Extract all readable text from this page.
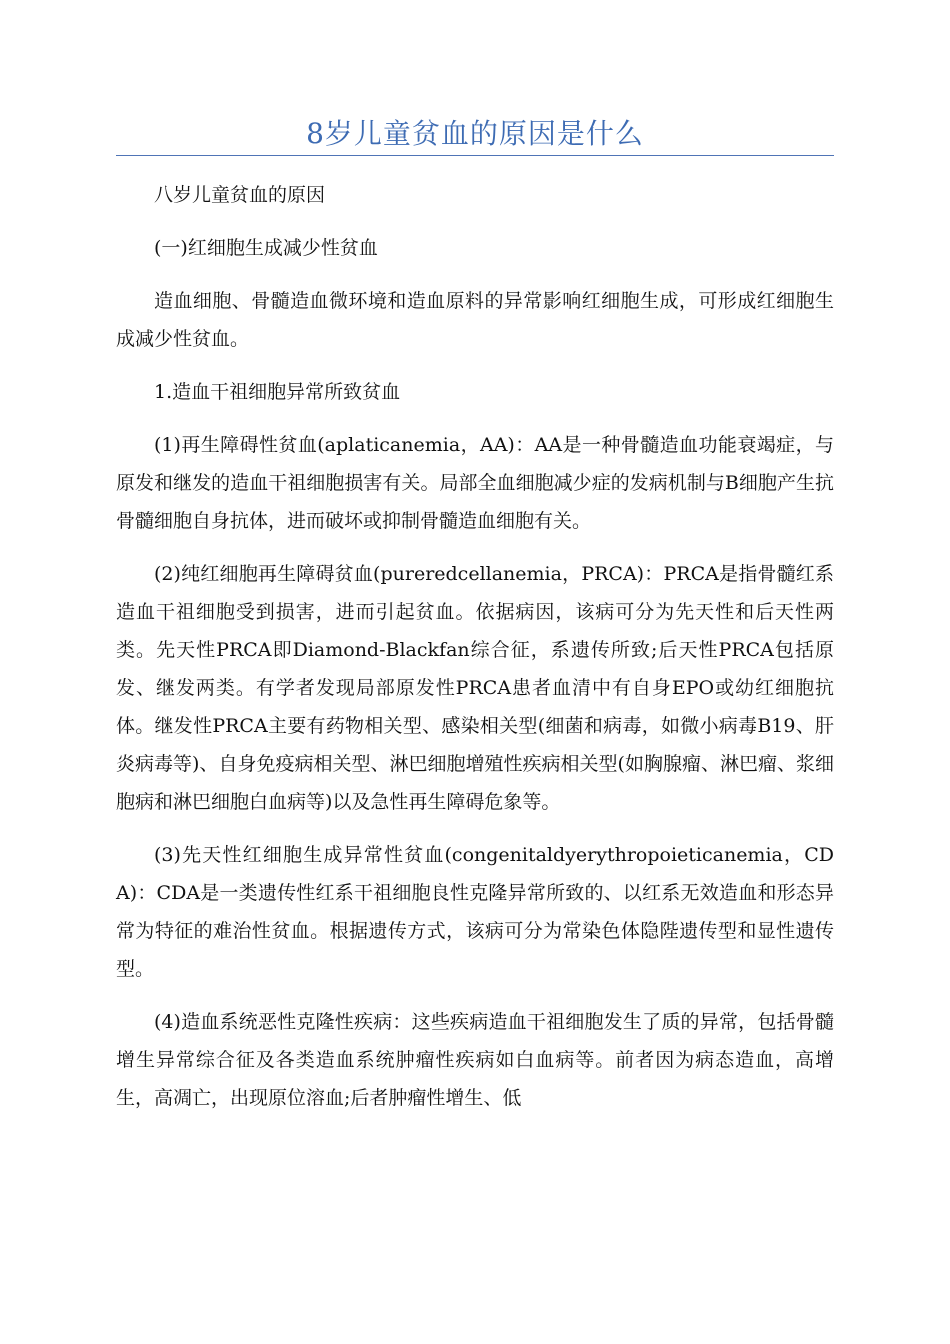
8岁儿童贫血的原因是什么

八岁儿童贫血的原因

(一)红细胞生成减少性贫血

造血细胞、骨髓造血微环境和造血原料的异常影响红细胞生成，可形成红细胞生成减少性贫血。

1.造血干祖细胞异常所致贫血

(1)再生障碍性贫血(aplaticanemia，AA)：AA是一种骨髓造血功能衰竭症，与原发和继发的造血干祖细胞损害有关。局部全血细胞减少症的发病机制与B细胞产生抗骨髓细胞自身抗体，进而破坏或抑制骨髓造血细胞有关。

(2)纯红细胞再生障碍贫血(pureredcellanemia，PRCA)：PRCA是指骨髓红系造血干祖细胞受到损害，进而引起贫血。依据病因，该病可分为先天性和后天性两类。先天性PRCA即Diamond-Blackfan综合征，系遗传所致;后天性PRCA包括原发、继发两类。有学者发现局部原发性PRCA患者血清中有自身EPO或幼红细胞抗体。继发性PRCA主要有药物相关型、感染相关型(细菌和病毒，如微小病毒B19、肝炎病毒等)、自身免疫病相关型、淋巴细胞增殖性疾病相关型(如胸腺瘤、淋巴瘤、浆细胞病和淋巴细胞白血病等)以及急性再生障碍危象等。

(3)先天性红细胞生成异常性贫血(congenitaldyerythropoieticanemia，CDA)：CDA是一类遗传性红系干祖细胞良性克隆异常所致的、以红系无效造血和形态异常为特征的难治性贫血。根据遗传方式，该病可分为常染色体隐陛遗传型和显性遗传型。

(4)造血系统恶性克隆性疾病：这些疾病造血干祖细胞发生了质的异常，包括骨髓增生异常综合征及各类造血系统肿瘤性疾病如白血病等。前者因为病态造血，高增生，高凋亡，出现原位溶血;后者肿瘤性增生、低
